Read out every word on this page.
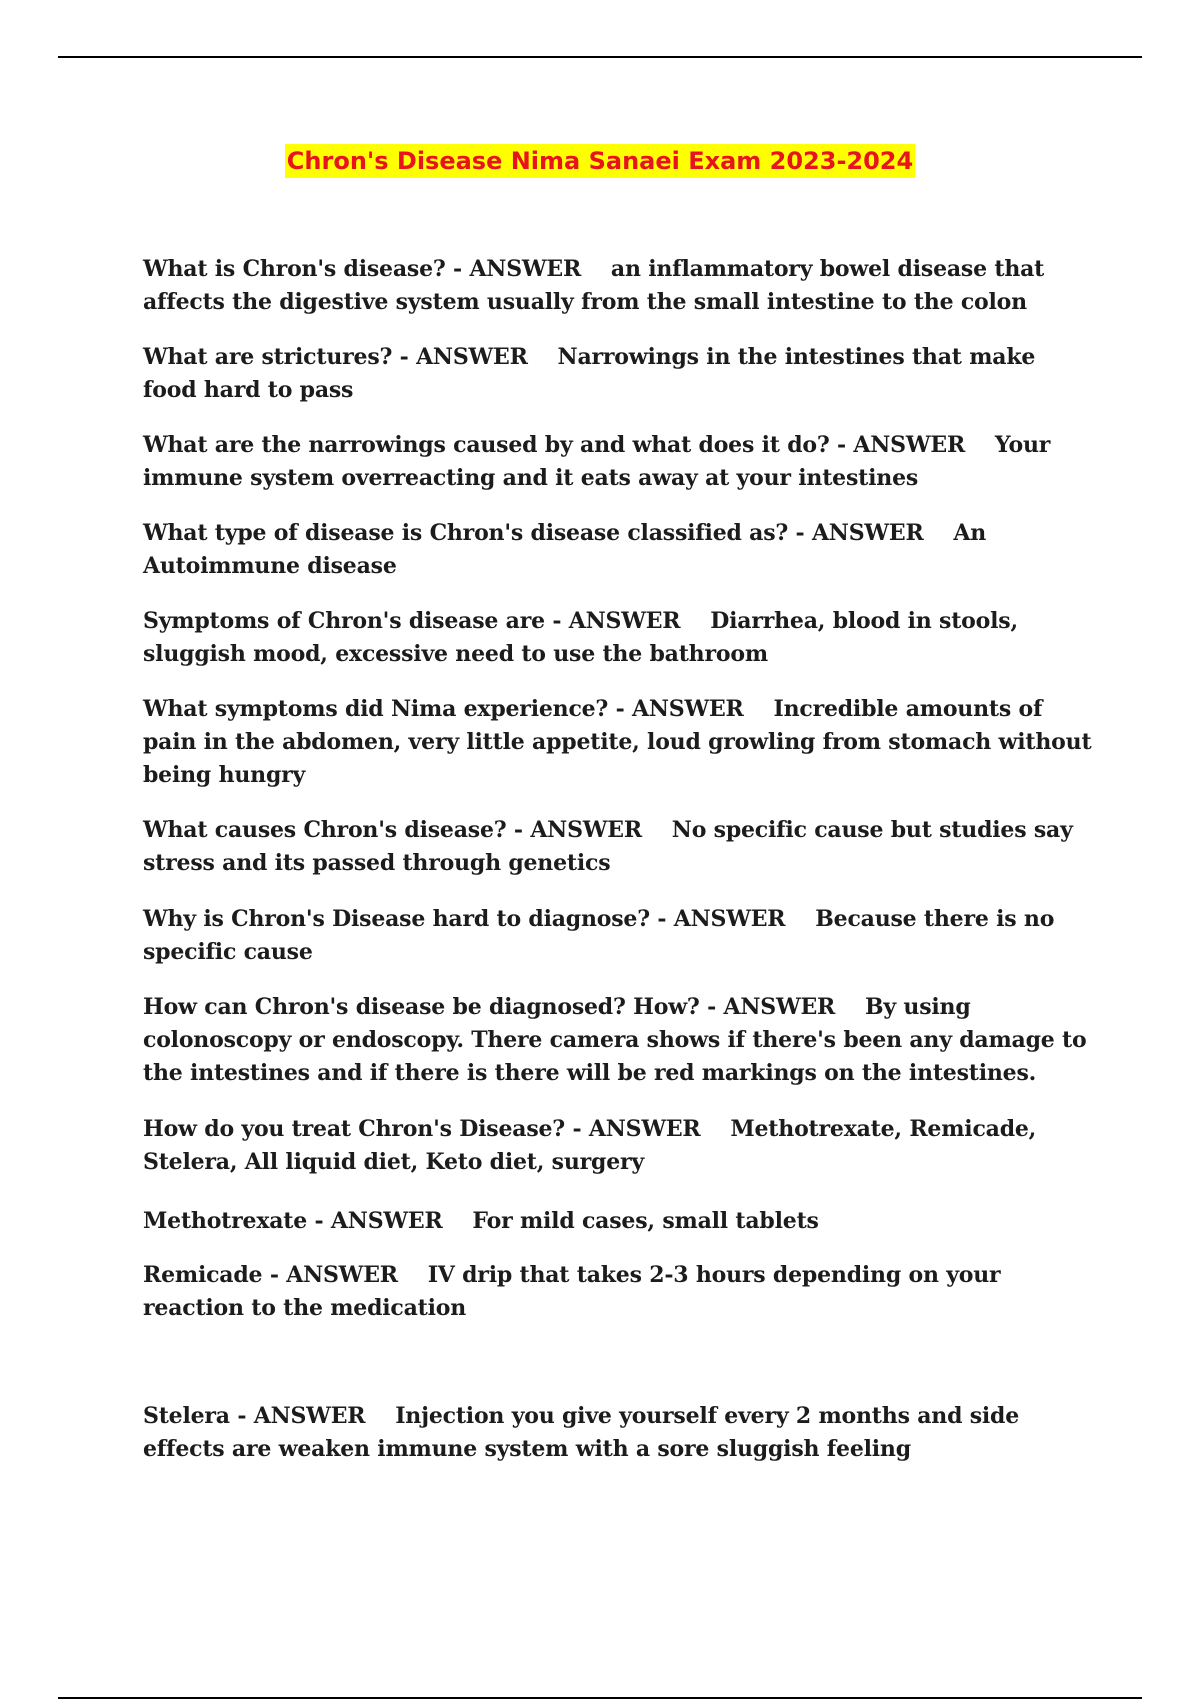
Chron's Disease Nima Sanaei Exam 2023-2024
What is Chron's disease? - ANSWER an inflammatory bowel disease that affects the digestive system usually from the small intestine to the colon
What are strictures? - ANSWER Narrowings in the intestines that make food hard to pass
What are the narrowings caused by and what does it do? - ANSWER Your immune system overreacting and it eats away at your intestines
What type of disease is Chron's disease classified as? - ANSWER An Autoimmune disease
Symptoms of Chron's disease are - ANSWER Diarrhea, blood in stools, sluggish mood, excessive need to use the bathroom
What symptoms did Nima experience? - ANSWER Incredible amounts of pain in the abdomen, very little appetite, loud growling from stomach without being hungry
What causes Chron's disease? - ANSWER No specific cause but studies say stress and its passed through genetics
Why is Chron's Disease hard to diagnose? - ANSWER Because there is no specific cause
How can Chron's disease be diagnosed? How? - ANSWER By using colonoscopy or endoscopy. There camera shows if there's been any damage to the intestines and if there is there will be red markings on the intestines.
How do you treat Chron's Disease? - ANSWER Methotrexate, Remicade, Stelera, All liquid diet, Keto diet, surgery
Methotrexate - ANSWER For mild cases, small tablets
Remicade - ANSWER IV drip that takes 2-3 hours depending on your reaction to the medication
Stelera - ANSWER Injection you give yourself every 2 months and side effects are weaken immune system with a sore sluggish feeling
